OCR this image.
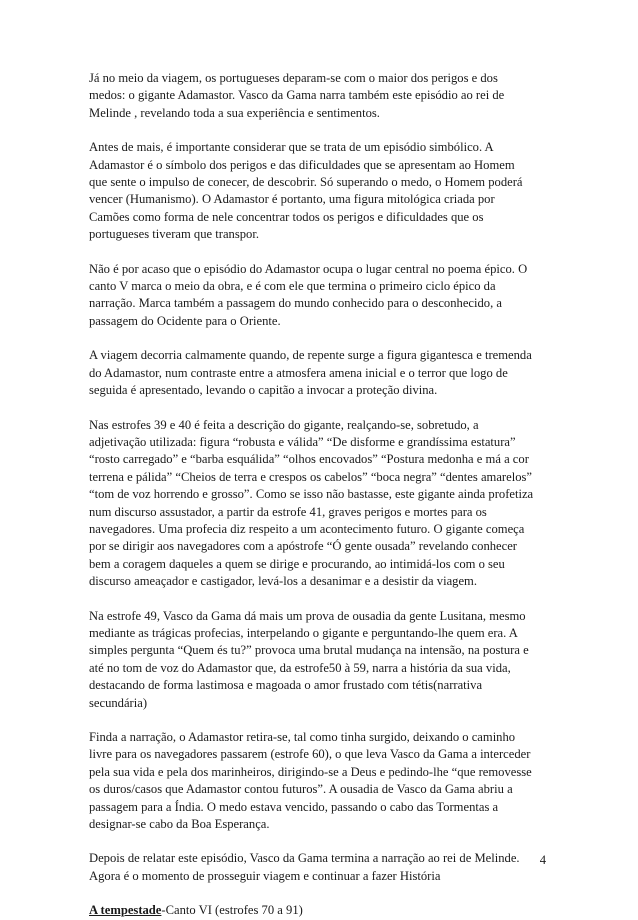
Já no meio da viagem, os portugueses deparam-se com o maior dos perigos e dos
medos: o gigante Adamastor. Vasco da Gama narra também este episódio ao rei de
Melinde , revelando toda a sua experiência e sentimentos.

Antes de mais, é importante considerar que se trata de um episódio simbólico. A
Adamastor é o símbolo dos perigos e das dificuldades que se apresentam ao Homem
que sente o impulso de conecer, de descobrir. Só superando o medo, o Homem poderá
vencer (Humanismo). O Adamastor é portanto, uma figura mitológica criada por
Camões como forma de nele concentrar todos os perigos e dificuldades que os
portugueses tiveram que transpor.

Não é por acaso que o episódio do Adamastor ocupa o lugar central no poema épico. O
canto V marca o meio da obra, e é com ele que termina o primeiro ciclo épico da
narração. Marca também a passagem do mundo conhecido para o desconhecido, a
passagem do Ocidente para o Oriente.

A viagem decorria calmamente quando, de repente surge a figura gigantesca e tremenda
do Adamastor, num contraste entre a atmosfera amena inicial e o terror que logo de
seguida é apresentado, levando o capitão a invocar a proteção divina.

Nas estrofes 39 e 40 é feita a descrição do gigante, realçando-se, sobretudo, a
adjetivação utilizada: figura “robusta e válida” “De disforme e grandíssima estatura”
“rosto carregado” e “barba esquálida” “olhos encovados” “Postura medonha e má a cor
terrena e pálida” “Cheios de terra e crespos os cabelos” “boca negra” “dentes amarelos”
“tom de voz horrendo e grosso”. Como se isso não bastasse, este gigante ainda profetiza
num discurso assustador, a partir da estrofe 41, graves perigos e mortes para os
navegadores. Uma profecia diz respeito a um acontecimento futuro. O gigante começa
por se dirigir aos navegadores com a apóstrofe “Ó gente ousada” revelando conhecer
bem a coragem daqueles a quem se dirige e procurando, ao intimidá-los com o seu
discurso ameaçador e castigador, levá-los a desanimar e a desistir da viagem.

Na estrofe 49, Vasco da Gama dá mais um prova de ousadia da gente Lusitana, mesmo
mediante as trágicas profecias, interpelando o gigante e perguntando-lhe quem era. A
simples pergunta “Quem és tu?” provoca uma brutal mudança na intensão, na postura e
até no tom de voz do Adamastor que, da estrofe50 à 59, narra a história da sua vida,
destacando de forma lastimosa e magoada o amor frustado com tétis(narrativa
secundária)

Finda a narração, o Adamastor retira-se, tal como tinha surgido, deixando o caminho
livre para os navegadores passarem (estrofe 60), o que leva Vasco da Gama a interceder
pela sua vida e pela dos marinheiros, dirigindo-se a Deus e pedindo-lhe “que removesse
os duros/casos que Adamastor contou futuros”. A ousadia de Vasco da Gama abriu a
passagem para a Índia. O medo estava vencido, passando o cabo das Tormentas a
designar-se cabo da Boa Esperança.

Depois de relatar este episódio, Vasco da Gama termina a narração ao rei de Melinde.
Agora é o momento de prosseguir viagem e continuar a fazer História

A tempestade-Canto VI (estrofes 70 a 91)
4
